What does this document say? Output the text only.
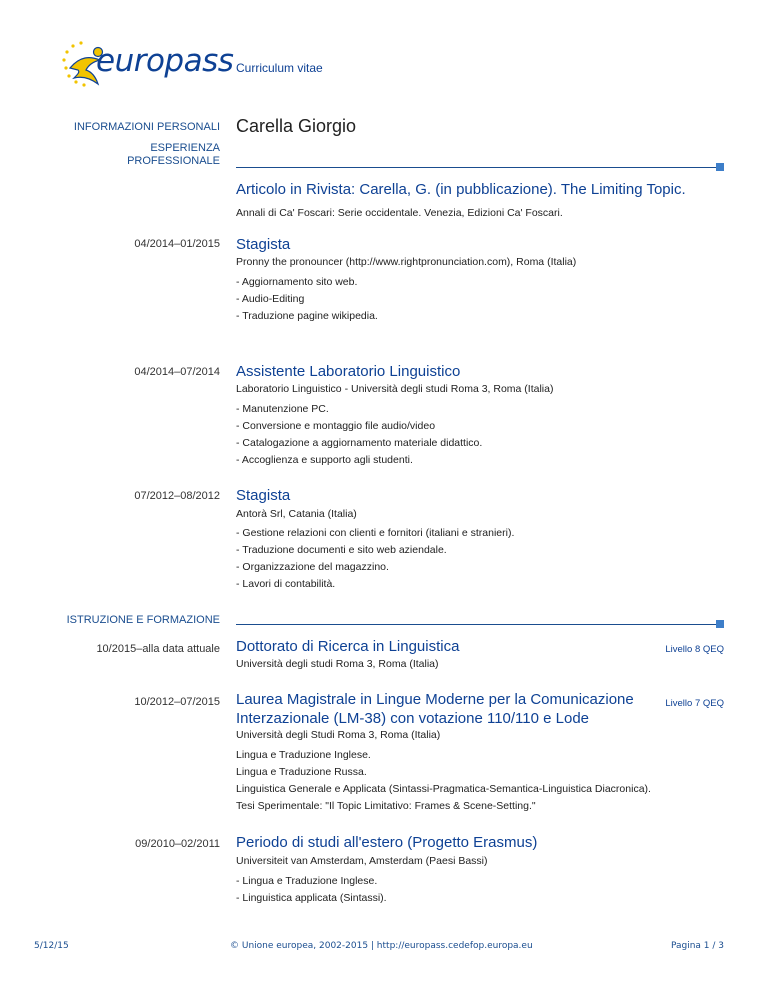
europass Curriculum vitae
INFORMAZIONI PERSONALI Carella Giorgio
ESPERIENZA
PROFESSIONALE
Articolo in Rivista: Carella, G. (in pubblicazione). The Limiting Topic.
Annali di Ca' Foscari: Serie occidentale. Venezia, Edizioni Ca' Foscari.
04/2014–01/2015 Stagista
Pronny the pronouncer (http://www.rightpronunciation.com), Roma (Italia)
- Aggiornamento sito web.
- Audio-Editing
- Traduzione pagine wikipedia.
04/2014–07/2014 Assistente Laboratorio Linguistico
Laboratorio Linguistico - Università degli studi Roma 3, Roma (Italia)
- Manutenzione PC.
- Conversione e montaggio file audio/video
- Catalogazione a aggiornamento materiale didattico.
- Accoglienza e supporto agli studenti.
07/2012–08/2012 Stagista
Antorà Srl, Catania (Italia)
- Gestione relazioni con clienti e fornitori (italiani e stranieri).
- Traduzione documenti e sito web aziendale.
- Organizzazione del magazzino.
- Lavori di contabilità.
ISTRUZIONE E FORMAZIONE
10/2015–alla data attuale Dottorato di Ricerca in Linguistica	Livello 8 QEQ
Università degli studi Roma 3, Roma (Italia)
10/2012–07/2015 Laurea Magistrale in Lingue Moderne per la Comunicazione
Interzazionale (LM-38) con votazione 110/110 e Lode
Livello 7 QEQ
Università degli Studi Roma 3, Roma (Italia)
Lingua e Traduzione Inglese.
Lingua e Traduzione Russa.
Linguistica Generale e Applicata (Sintassi-Pragmatica-Semantica-Linguistica Diacronica).
Tesi Sperimentale: "Il Topic Limitativo: Frames & Scene-Setting."
09/2010–02/2011 Periodo di studi all'estero (Progetto Erasmus)
Universiteit van Amsterdam, Amsterdam (Paesi Bassi)
- Lingua e Traduzione Inglese.
- Linguistica applicata (Sintassi).
5/12/15	© Unione europea, 2002-2015 | http://europass.cedefop.europa.eu	Pagina 1 / 3
